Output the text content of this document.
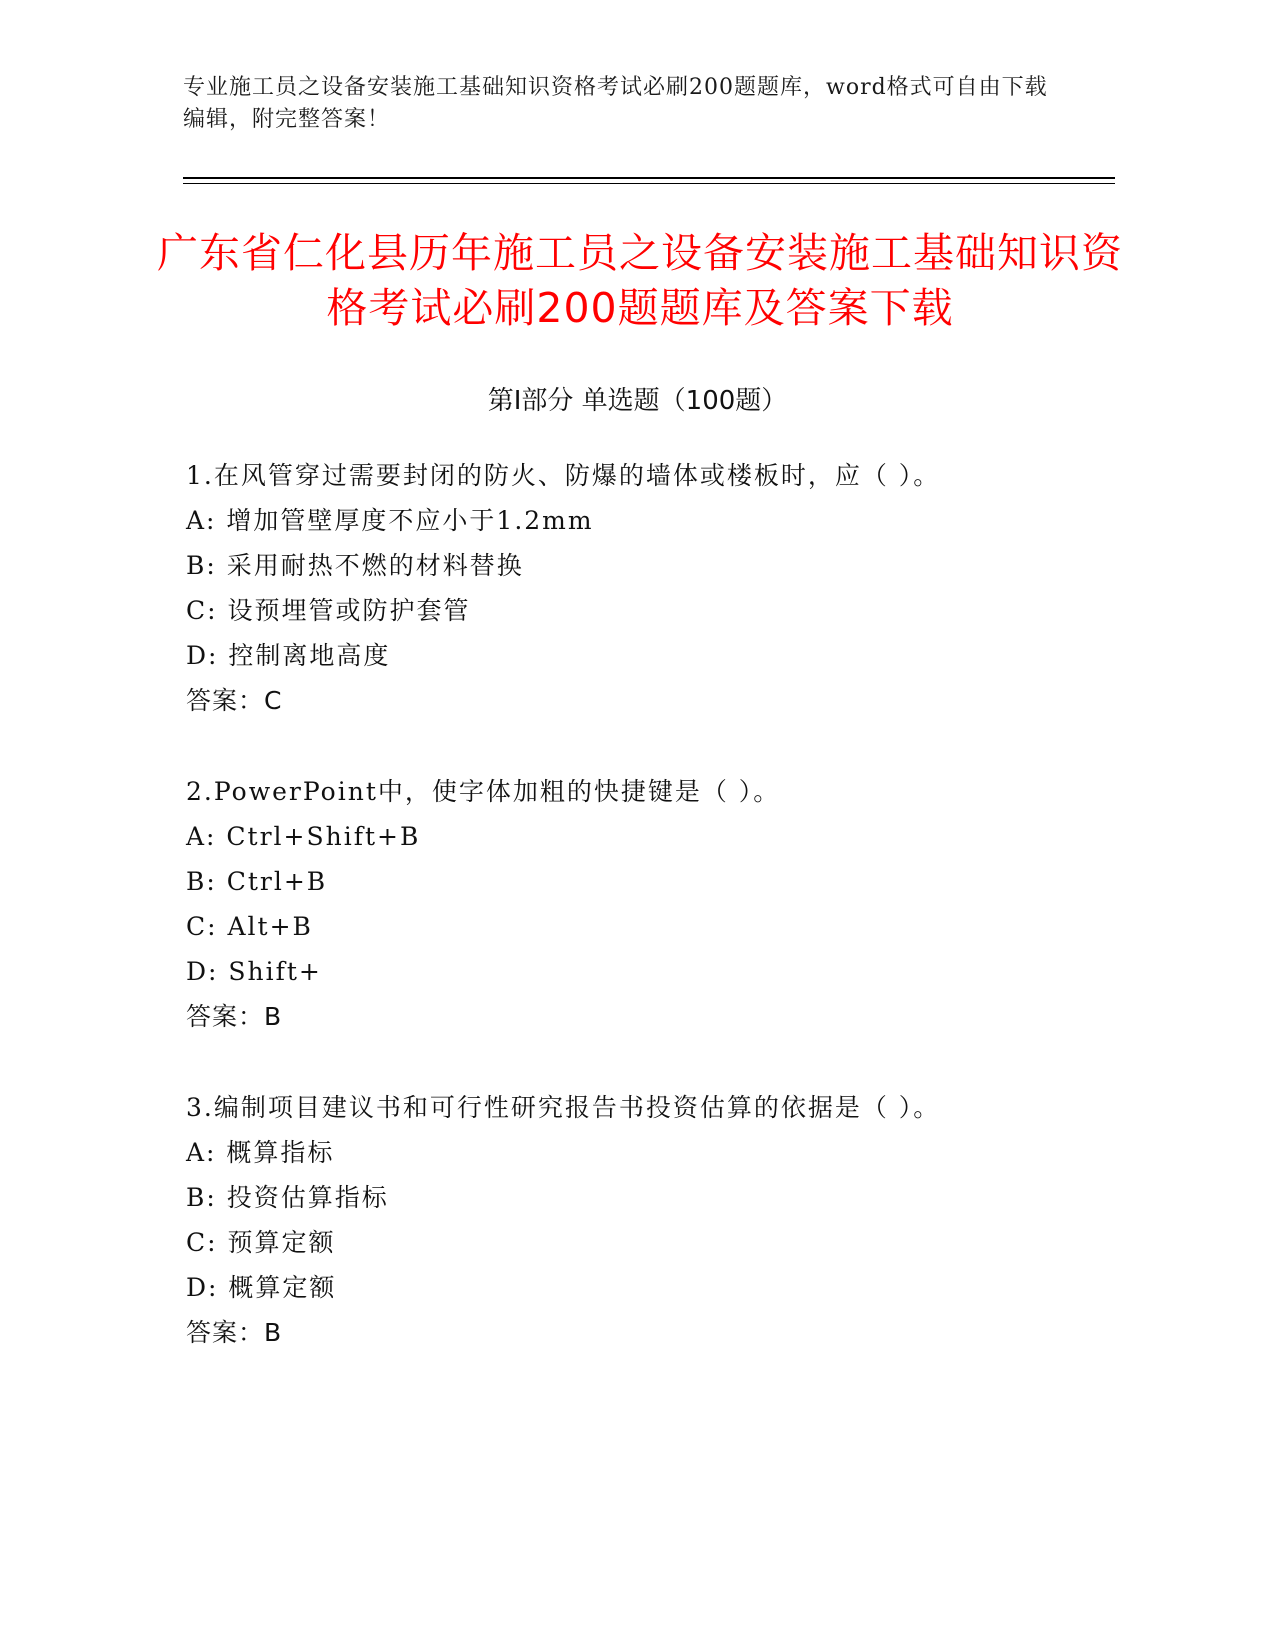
专业施工员之设备安装施工基础知识资格考试必刷200题题库，word格式可自由下载编辑，附完整答案！
广东省仁化县历年施工员之设备安装施工基础知识资格考试必刷200题题库及答案下载
第I部分 单选题（100题）
1.在风管穿过需要封闭的防火、防爆的墙体或楼板时，应（ ）。
A: 增加管壁厚度不应小于1.2mm
B: 采用耐热不燃的材料替换
C: 设预埋管或防护套管
D: 控制离地高度
答案：C
2.PowerPoint中，使字体加粗的快捷键是（ ）。
A: Ctrl+Shift+B
B: Ctrl+B
C: Alt+B
D: Shift+
答案：B
3.编制项目建议书和可行性研究报告书投资估算的依据是（ ）。
A: 概算指标
B: 投资估算指标
C: 预算定额
D: 概算定额
答案：B
